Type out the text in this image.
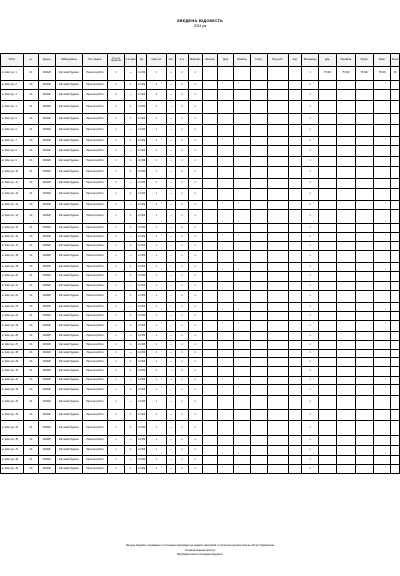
ЗВЕДЕНА ВІДОМІСТЬ
2024 рік
Об'єкт	шт.	Адреса	Найменування	Тип / модель	К-ть за проектом	К-ть факт	Од.	Ціна, грн	Кол.	К-ть	Виконано	Залишок	Дата	Примітка	Статус	Вид робіт	Код	Виконавець	Дод.	Перевірка	Підпис	Прим.	Разом
м. Київ, вул. 1	1/1	10/2020	Житловий будинок	Проектні роботи	1	—	14 000	1	—	2	1							1	75 000	75 000	75 000	75 000	48
м. Київ, вул. 2	1/1	10/2020	Житловий будинок	Проектні роботи	1	1	14 000	1	—	4	1							1					
м. Київ, вул. 3	1/1	10/2020	Житловий будинок	Проектні роботи	2	—	14 000	2	—	2	1							1					
м. Київ, вул. 4	1/1	10/2020	Житловий будинок	Проектні роботи	1	1	14 000	1	—	4	1							1					
м. Київ, вул. 5	1/1	10/2020	Житловий будинок	Проектні роботи	1	1	14 000	1	—	1	1							1					
м. Київ, вул. 6	1/1	10/2020	Житловий будинок	Проектні роботи	1	—	14 000	1	—	1	1							1					
м. Київ, вул. 7	1/1	10/2020	Житловий будинок	Проектні роботи	1	1	14 000	1	—	1	1							1					
м. Київ, вул. 8	1/1	10/2020	Житловий будинок	Проектні роботи	1	—	14 000	1	—	4	1							1					
м. Київ, вул. 9	1/1	10/2020	Житловий будинок	Проектні роботи	1	1	14 000	1	—	1	1							1					
м. Київ, вул. 10	1/1	10/2020	Житловий будинок	Проектні роботи	1	1	14 000	1	—	4	1							1					
м. Київ, вул. 11	1/1	10/2020	Житловий будинок	Проектні роботи	1	—	14 000	1	—	1	1							1					
м. Київ, вул. 12	1/1	10/2020	Житловий будинок	Проектні роботи	1	1	14 000	1	—	1	1							1					
м. Київ, вул. 13	1/1	10/2020	Житловий будинок	Проектні роботи	1	—	14 000	1	—	1	1							1					
м. Київ, вул. 14	1/1	10/2020	Житловий будинок	Проектні роботи	1	1	14 000	1	—	1	1							1					
м. Київ, вул. 15	1/1	10/2020	Житловий будинок	Проектні роботи	1	1	14 000	1	—	4	1							1					
м. Київ, вул. 16	1/1	10/2020	Житловий будинок	Проектні роботи	1	—	14 000	1	—	1	1							1					
м. Київ, вул. 17	1/1	10/2020	Житловий будинок	Проектні роботи	1	1	14 000	1	—	1	1							1					
м. Київ, вул. 18	1/1	10/2020	Житловий будинок	Проектні роботи	1	—	14 000	1	—	1	1							1					
м. Київ, вул. 19	1/1	10/2020	Житловий будинок	Проектні роботи	1	1	14 000	1	—	1	1							1					
м. Київ, вул. 20	1/1	10/2020	Житловий будинок	Проектні роботи	1	1	14 000	1	—	1	1							1					
м. Київ, вул. 21	1/1	10/2020	Житловий будинок	Проектні роботи	1	—	14 000	1	—	1	1							1					
м. Київ, вул. 22	1/1	10/2020	Житловий будинок	Проектні роботи	1	1	14 000	1	—	4	1							1					
м. Київ, вул. 23	1/1	10/2020	Житловий будинок	Проектні роботи	1	—	14 000	1	—	1	1							1					
м. Київ, вул. 24	1/1	10/2020	Житловий будинок	Проектні роботи	1	1	14 000	1	—	1	1							1					
м. Київ, вул. 25	1/1	10/2020	Житловий будинок	Проектні роботи	1	1	14 000	1	—	1	1							1					
м. Київ, вул. 26	1/1	10/2020	Житловий будинок	Проектні роботи	1	—	14 000	1	—	1	1							1					
м. Київ, вул. 27	1/1	10/2020	Житловий будинок	Проектні роботи	1	1	14 000	1	—	1	1							1					
м. Київ, вул. 28	1/1	10/2020	Житловий будинок	Проектні роботи	1	—	14 000	1	—	1	1							1					
м. Київ, вул. 29	1/1	10/2020	Житловий будинок	Проектні роботи	1	1	14 000	1	—	1	1							1					
м. Київ, вул. 30	1/1	10/2020	Житловий будинок	Проектні роботи	1	1	14 000	1	—	4	1							1					
м. Київ, вул. 31	1/1	10/2020	Житловий будинок	Проектні роботи	1	—	14 000	1	—	1	1							1					
м. Київ, вул. 32	1/1	10/2020	Житловий будинок	Проектні роботи	1	1	14 000	1	—	1	1							1					
м. Київ, вул. 33	1/1	10/2020	Житловий будинок	Проектні роботи	1	—	14 000	1	—	1	1							1					
м. Київ, вул. 34	1/1	10/2020	Житловий будинок	Проектні роботи	1	1	14 000	1	—	1	1							1					
м. Київ, вул. 35	1/1	10/2020	Житловий будинок	Проектні роботи	1	1	14 000	1	—	1	1							1					
м. Київ, вул. 36	1/1	10/2020	Житловий будинок	Проектні роботи	1	—	14 000	1	—	1	1							1					
м. Київ, вул. 37	1/1	10/2020	Житловий будинок	Проектні роботи	1	1	14 000	1	—	1	1							1					
м. Київ, вул. 38	1/1	10/2020	Житловий будинок	Проектні роботи	1	—	14 000	1	—	1	1							1					
м. Київ, вул. 39	1/1	10/2020	Житловий будинок	Проектні роботи	1	1	14 000	1	—	1	1							1					
Зведену відомість перевірено та погоджено відповідно до наданих матеріалів та проектної документації на об'єкти будівництва
Головний інженер проекту
Відповідальний за складання відомості
